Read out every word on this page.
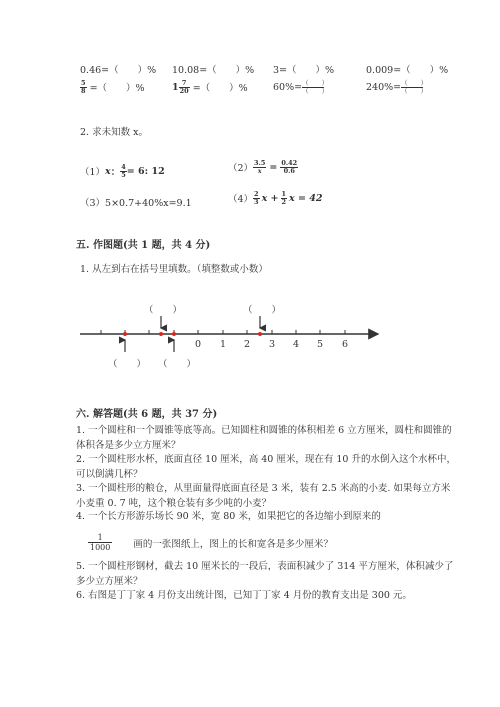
0.46=（　　）% 10.08=（　　）% 3=（　　）%	0.009=（　　）%
$\frac{5}{8}$ =（　　）%	$1 \frac{7}{20}$ =（　　）%	60%= （　　）
（　　）	240%= （　　）
（　　）
2. 求未知数 x。
（1）x： $\frac{4}{5} = 6$: 12	$(2) \frac{3.5}{x} = \frac{0.42}{0.6}$
（3）5×0.7+40%x=9.1	$(4) \frac{2}{3}$ $x + \frac{1}{2}$ x = 42
五. 作图题(共 1 题，共 4 分)
1. 从左到右在括号里填数。（填整数或小数）
0 1 2 3 4 5 6
（　　）	（　　）
（　　） （　　）
六. 解答题(共 6 题，共 37 分)
1. 一个圆柱和一个圆锥等底等高。已知圆柱和圆锥的体积相差 6 立方厘米，圆柱和圆锥的体积各是多少立方厘米？
2. 一个圆柱形水杯，底面直径 10 厘米，高 40 厘米，现在有 10 升的水倒入这个水杯中，可以倒满几杯？
3. 一个圆柱形的粮仓，从里面量得底面直径是 3 米，装有 2.5 米高的小麦. 如果每立方米小麦重 0. 7 吨，这个粮仓装有多少吨的小麦？
4. 一个长方形游乐场长 90 米，宽 80 米，如果把它的各边缩小到原来的
$\frac{1}{1000}$ 画的一张图纸上，图上的长和宽各是多少厘米？
5. 一个圆柱形钢材，截去 10 厘米长的一段后，表面积减少了 314 平方厘米，体积减少了多少立方厘米？
6. 右图是丁丁家 4 月份支出统计图，已知丁丁家 4 月份的教育支出是 300 元。
